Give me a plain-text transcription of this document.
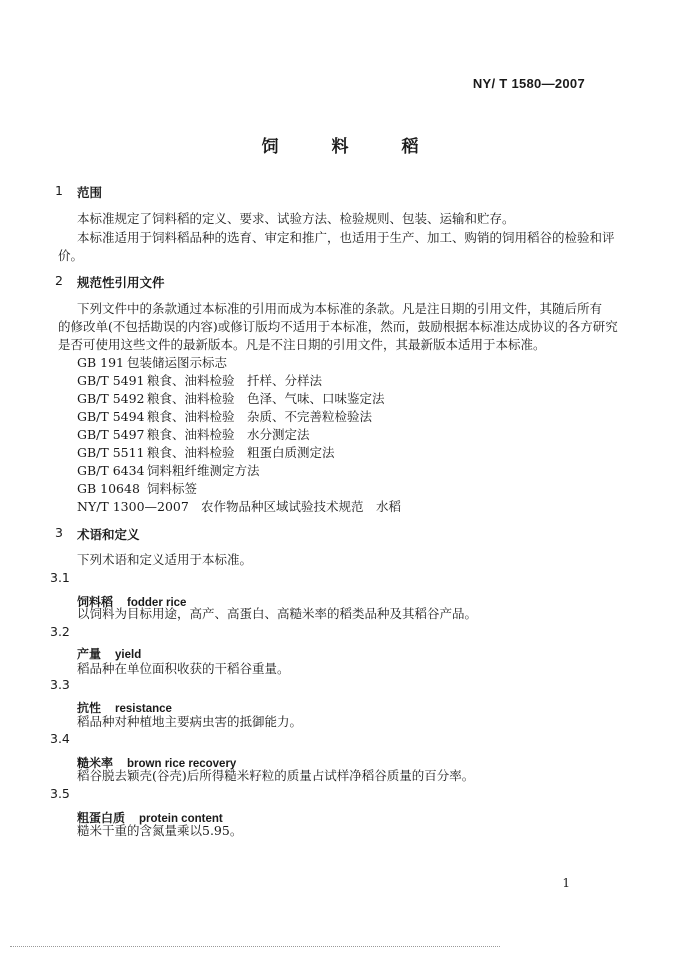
NY/ T 1580—2007
饲　料　稻
1 范围
本标准规定了饲料稻的定义、要求、试验方法、检验规则、包装、运输和贮存。
本标准适用于饲料稻品种的选育、审定和推广，也适用于生产、加工、购销的饲用稻谷的检验和评
价。
2 规范性引用文件
下列文件中的条款通过本标准的引用而成为本标准的条款。凡是注日期的引用文件，其随后所有
的修改单(不包括勘误的内容)或修订版均不适用于本标准，然而，鼓励根据本标准达成协议的各方研究
是否可使用这些文件的最新版本。凡是不注日期的引用文件，其最新版本适用于本标准。
GB 191 包装储运图示标志
GB/T 5491 粮食、油料检验　扦样、分样法
GB/T 5492 粮食、油料检验　色泽、气味、口味鉴定法
GB/T 5494 粮食、油料检验　杂质、不完善粒检验法
GB/T 5497 粮食、油料检验　水分测定法
GB/T 5511 粮食、油料检验　粗蛋白质测定法
GB/T 6434 饲料粗纤维测定方法
GB 10648 饲料标签
NY/T 1300—2007 农作物品种区域试验技术规范　水稻
3 术语和定义
下列术语和定义适用于本标准。
3.1
饲料稻 fodder rice
以饲料为目标用途，高产、高蛋白、高糙米率的稻类品种及其稻谷产品。
3.2
产量 yield
稻品种在单位面积收获的干稻谷重量。
3.3
抗性 resistance
稻品种对种植地主要病虫害的抵御能力。
3.4
糙米率 brown rice recovery
稻谷脱去颖壳(谷壳)后所得糙米籽粒的质量占试样净稻谷质量的百分率。
3.5
粗蛋白质 protein content
糙米干重的含氮量乘以5.95。
1
